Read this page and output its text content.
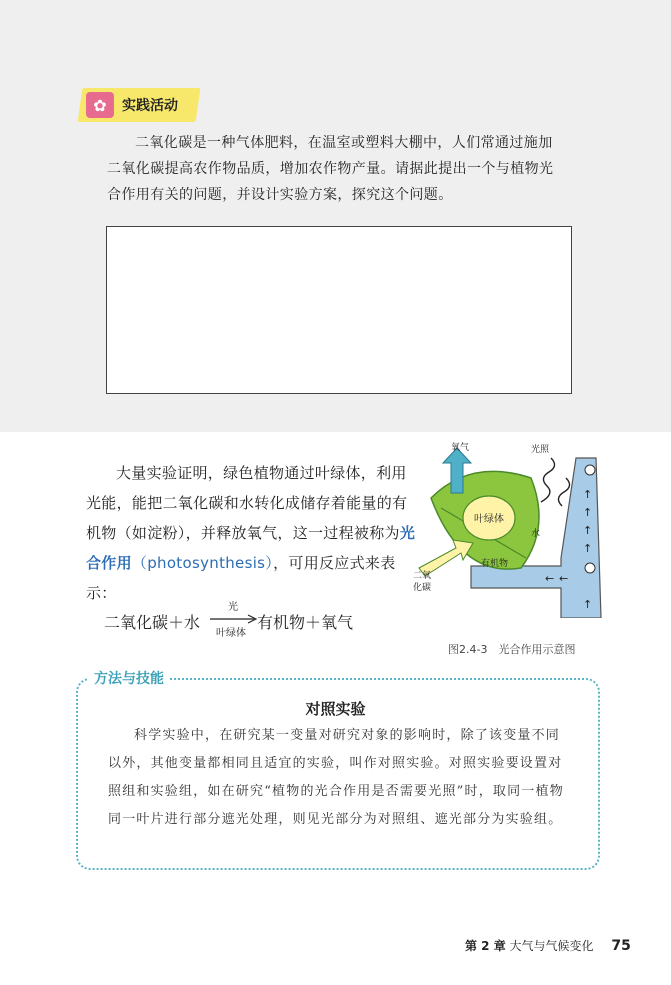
✿	实践活动

二氧化碳是一种气体肥料，在温室或塑料大棚中，人们常通过施加

二氧化碳提高农作物品质，增加农作物产量。请据此提出一个与植物光
合作用有关的问题，并设计实验方案，探究这个问题。

大量实验证明，绿色植物通过叶绿体，利用光能，能把二氧化碳和水转化成储存着能量的有机物（如淀粉），并释放氧气，这一过程被称为光合作用（photosynthesis），可用反应式来表示：

二氧化碳＋水
光
叶绿体
有机物＋氧气
↑
↑
↑
↑
↑
← ←
叶绿体
氧气	光照
二氧
化碳
水
有机物
图2.4-3　光合作用示意图
方法与技能
对照实验

科学实验中，在研究某一变量对研究对象的影响时，除了该变量不同以外，其他变量都相同且适宜的实验，叫作对照实验。对照实验要设置对照组和实验组，如在研究“植物的光合作用是否需要光照”时，取同一植物同一叶片进行部分遮光处理，则见光部分为对照组、遮光部分为实验组。

第 2 章 大气与气候变化 75
